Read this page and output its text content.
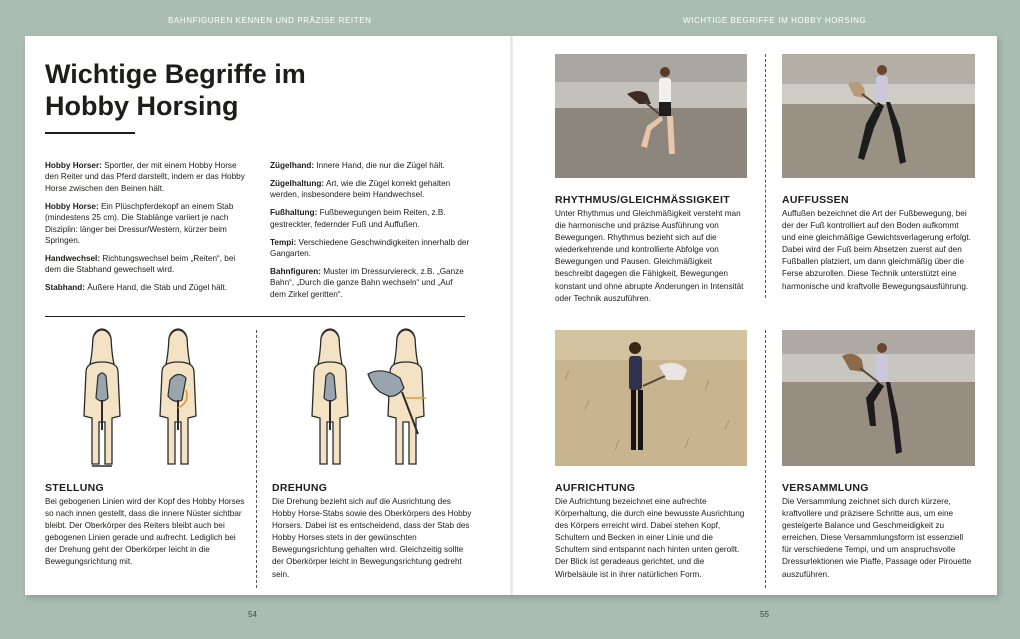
BAHNFIGUREN KENNEN UND PRÄZISE REITEN	WICHTIGE BEGRIFFE IM HOBBY HORSING
Wichtige Begriffe im
Hobby Horsing

Hobby Horser: Sportler, der mit einem Hobby Horse den Reiter und das Pferd darstellt, indem er das Hobby Horse zwischen den Beinen hält.

Hobby Horse: Ein Plüschpferdekopf an einem Stab (mindestens 25 cm). Die Stablänge variiert je nach Disziplin: länger bei Dressur/Western, kürzer beim Springen.

Handwechsel: Richtungswechsel beim „Reiten“, bei dem die Stabhand gewechselt wird.

Stabhand: Äußere Hand, die Stab und Zügel hält.

Zügelhand: Innere Hand, die nur die Zügel hält.

Zügelhaltung: Art, wie die Zügel korrekt gehalten werden, insbesondere beim Handwechsel.

Fußhaltung: Fußbewegungen beim Reiten, z.B. gestreckter, federnder Fuß und Auffußen.

Tempi: Verschiedene Geschwindigkeiten innerhalb der Gangarten.

Bahnfiguren: Muster im Dressurviereck, z.B. „Ganze Bahn“, „Durch die ganze Bahn wechseln“ und „Auf dem Zirkel geritten“.

STELLUNG
Bei gebogenen Linien wird der Kopf des Hobby Horses so nach innen gestellt, dass die innere Nüster sichtbar bleibt. Der Oberkörper des Reiters bleibt auch bei gebogenen Linien gerade und aufrecht. Lediglich bei der Drehung geht der Oberkörper leicht in die Bewegungsrichtung mit.
DREHUNG
Die Drehung bezieht sich auf die Ausrichtung des Hobby Horse-Stabs sowie des Oberkörpers des Hobby Horsers. Dabei ist es entscheidend, dass der Stab des Hobby Horses stets in der gewünschten Bewegungsrichtung gehalten wird. Gleichzeitig sollte der Oberkörper leicht in Bewegungsrichtung gedreht sein.
RHYTHMUS/GLEICHMÄSSIGKEIT
Unter Rhythmus und Gleichmäßigkeit versteht man die harmonische und präzise Ausführung von Bewegungen. Rhythmus bezieht sich auf die wiederkehrende und kontrollierte Abfolge von Bewegungen und Pausen. Gleichmäßigkeit beschreibt dagegen die Fähigkeit, Bewegungen konstant und ohne abrupte Änderungen in Intensität oder Technik auszuführen.
AUFFUSSEN
Auffußen bezeichnet die Art der Fußbewegung, bei der der Fuß kontrolliert auf den Boden aufkommt und eine gleichmäßige Gewichtsverlagerung erfolgt. Dabei wird der Fuß beim Absetzen zuerst auf den Fußballen platziert, um dann gleichmäßig über die Ferse abzurollen. Diese Technik unterstützt eine harmonische und kraftvolle Bewegungsausführung.
AUFRICHTUNG
Die Aufrichtung bezeichnet eine aufrechte Körperhaltung, die durch eine bewusste Ausrichtung des Körpers erreicht wird. Dabei stehen Kopf, Schultern und Becken in einer Linie und die Schultern sind entspannt nach hinten unten gerollt. Der Blick ist geradeaus gerichtet, und die Wirbelsäule ist in ihrer natürlichen Form.
VERSAMMLUNG
Die Versammlung zeichnet sich durch kürzere, kraftvollere und präzisere Schritte aus, um eine gesteigerte Balance und Geschmeidigkeit zu erreichen. Diese Versammlungsform ist essenziell für verschiedene Tempi, und um anspruchsvolle Dressurlektionen wie Piaffe, Passage oder Pirouette auszuführen.
54	55
